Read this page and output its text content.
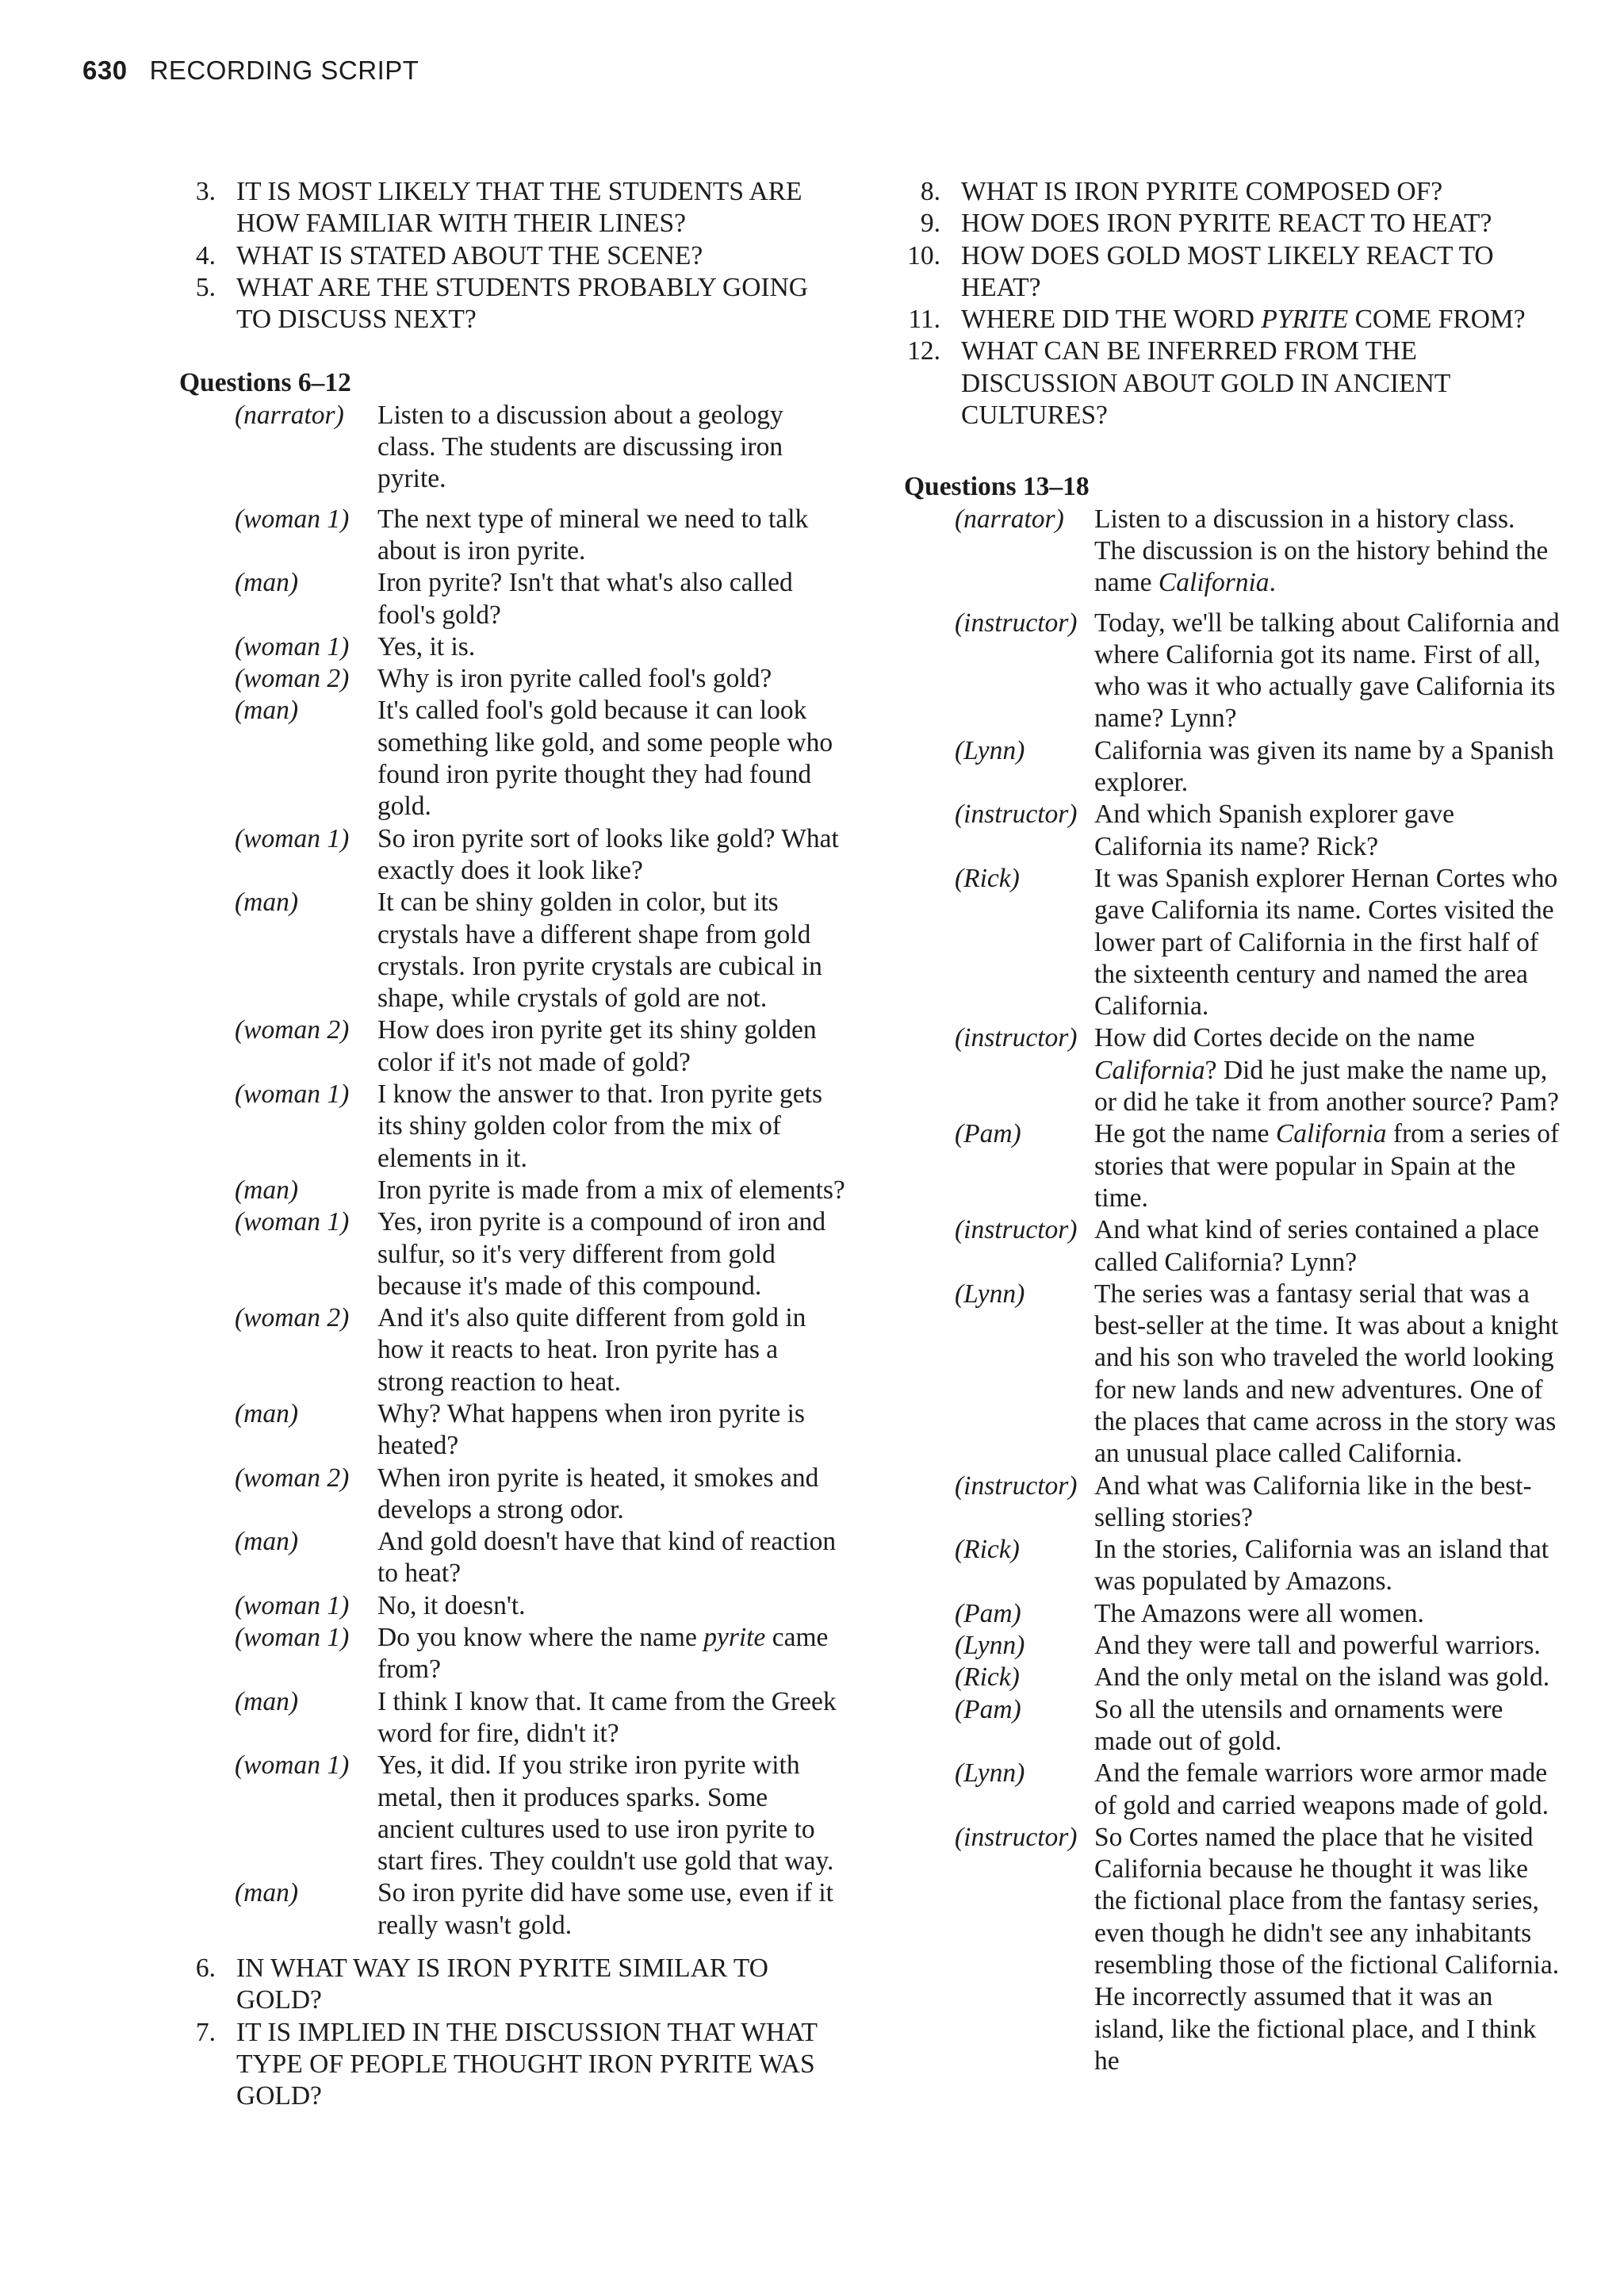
630 RECORDING SCRIPT
3. IT IS MOST LIKELY THAT THE STUDENTS ARE HOW FAMILIAR WITH THEIR LINES?
4. WHAT IS STATED ABOUT THE SCENE?
5. WHAT ARE THE STUDENTS PROBABLY GOING TO DISCUSS NEXT?
Questions 6–12
(narrator)	Listen to a discussion about a geology class. The students are discussing iron pyrite.
(woman 1)	The next type of mineral we need to talk about is iron pyrite.
(man)	Iron pyrite? Isn't that what's also called fool's gold?
(woman 1)	Yes, it is.
(woman 2)	Why is iron pyrite called fool's gold?
(man)	It's called fool's gold because it can look something like gold, and some people who found iron pyrite thought they had found gold.
(woman 1)	So iron pyrite sort of looks like gold? What exactly does it look like?
(man)	It can be shiny golden in color, but its crystals have a different shape from gold crystals. Iron pyrite crystals are cubical in shape, while crystals of gold are not.
(woman 2)	How does iron pyrite get its shiny golden color if it's not made of gold?
(woman 1)	I know the answer to that. Iron pyrite gets its shiny golden color from the mix of elements in it.
(man)	Iron pyrite is made from a mix of elements?
(woman 1)	Yes, iron pyrite is a compound of iron and sulfur, so it's very different from gold because it's made of this compound.
(woman 2)	And it's also quite different from gold in how it reacts to heat. Iron pyrite has a strong reaction to heat.
(man)	Why? What happens when iron pyrite is heated?
(woman 2)	When iron pyrite is heated, it smokes and develops a strong odor.
(man)	And gold doesn't have that kind of reaction to heat?
(woman 1)	No, it doesn't.
(woman 1)	Do you know where the name pyrite came from?
(man)	I think I know that. It came from the Greek word for fire, didn't it?
(woman 1)	Yes, it did. If you strike iron pyrite with metal, then it produces sparks. Some ancient cultures used to use iron pyrite to start fires. They couldn't use gold that way.
(man)	So iron pyrite did have some use, even if it really wasn't gold.
6. IN WHAT WAY IS IRON PYRITE SIMILAR TO GOLD?
7. IT IS IMPLIED IN THE DISCUSSION THAT WHAT TYPE OF PEOPLE THOUGHT IRON PYRITE WAS GOLD?
8. WHAT IS IRON PYRITE COMPOSED OF?
9. HOW DOES IRON PYRITE REACT TO HEAT?
10. HOW DOES GOLD MOST LIKELY REACT TO HEAT?
11. WHERE DID THE WORD PYRITE COME FROM?
12. WHAT CAN BE INFERRED FROM THE DISCUSSION ABOUT GOLD IN ANCIENT CULTURES?
Questions 13–18
(narrator)	Listen to a discussion in a history class. The discussion is on the history behind the name California.
(instructor) Today, we'll be talking about California and where California got its name. First of all, who was it who actually gave California its name? Lynn?
(Lynn)	California was given its name by a Spanish explorer.
(instructor) And which Spanish explorer gave California its name? Rick?
(Rick)	It was Spanish explorer Hernan Cortes who gave California its name. Cortes visited the lower part of California in the first half of the sixteenth century and named the area California.
(instructor) How did Cortes decide on the name California? Did he just make the name up, or did he take it from another source? Pam?
(Pam)	He got the name California from a series of stories that were popular in Spain at the time.
(instructor) And what kind of series contained a place called California? Lynn?
(Lynn)	The series was a fantasy serial that was a best-seller at the time. It was about a knight and his son who traveled the world looking for new lands and new adventures. One of the places that came across in the story was an unusual place called California.
(instructor) And what was California like in the best-selling stories?
(Rick)	In the stories, California was an island that was populated by Amazons.
(Pam)	The Amazons were all women.
(Lynn)	And they were tall and powerful warriors.
(Rick)	And the only metal on the island was gold.
(Pam)	So all the utensils and ornaments were made out of gold.
(Lynn)	And the female warriors wore armor made of gold and carried weapons made of gold.
(instructor) So Cortes named the place that he visited California because he thought it was like the fictional place from the fantasy series, even though he didn't see any inhabitants resembling those of the fictional California. He incorrectly assumed that it was an island, like the fictional place, and I think he
